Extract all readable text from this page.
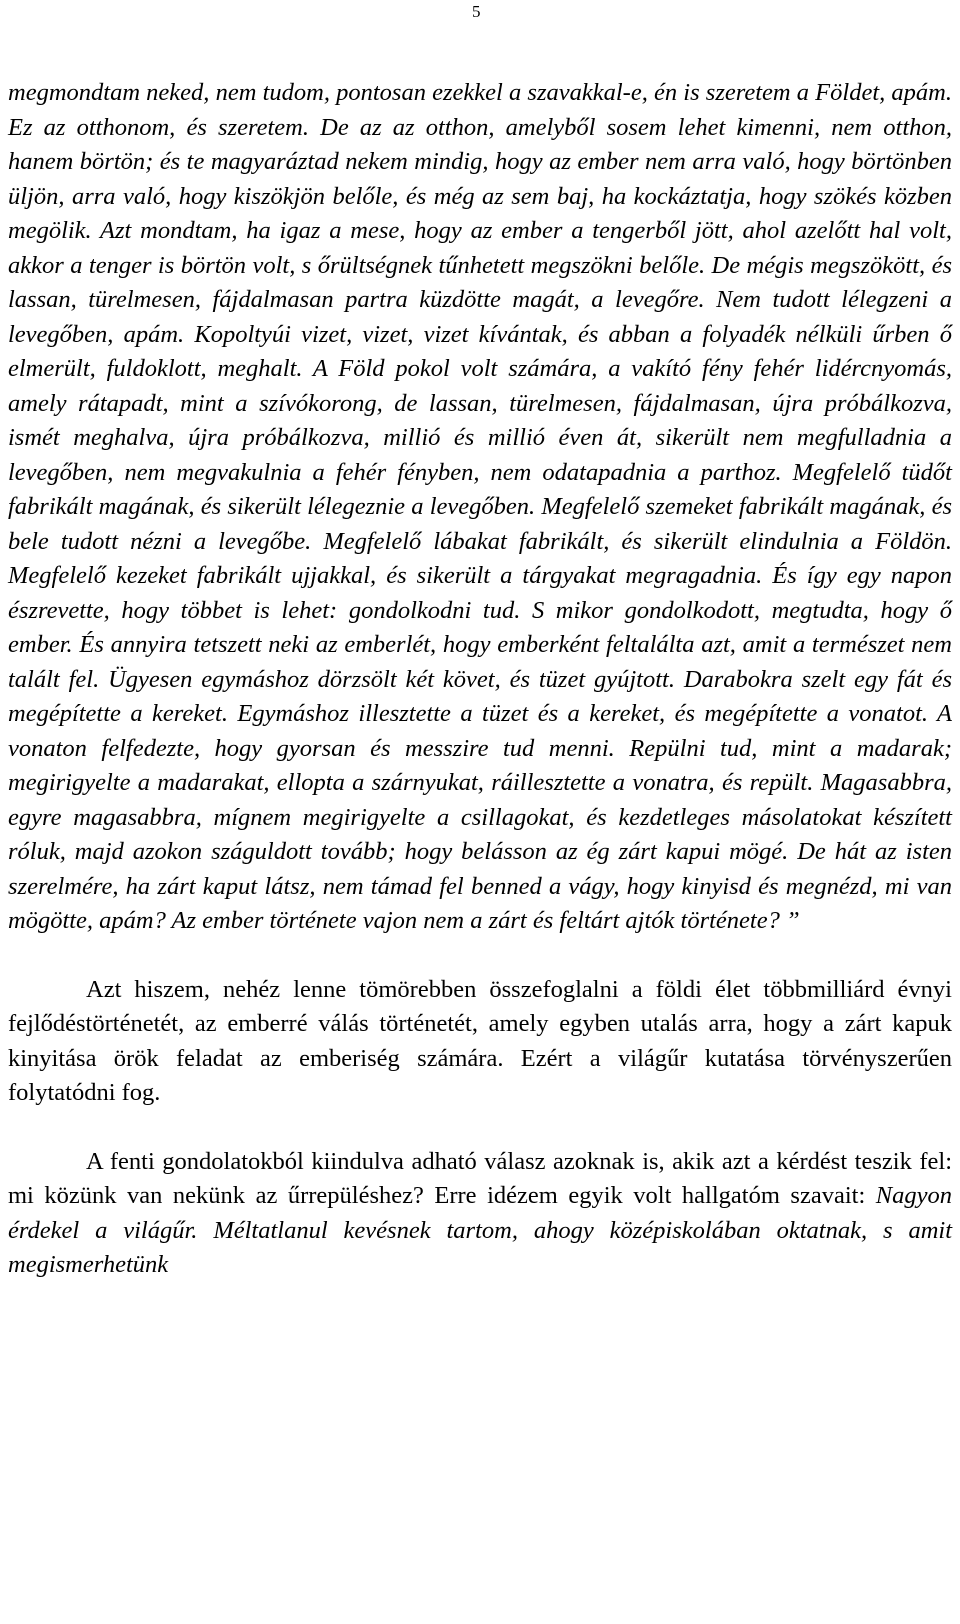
5

megmondtam neked, nem tudom, pontosan ezekkel a szavakkal-e, én is szeretem a Földet, apám. Ez az otthonom, és szeretem. De az az otthon, amelyből sosem lehet kimenni, nem otthon, hanem börtön; és te magyaráztad nekem mindig, hogy az ember nem arra való, hogy börtönben üljön, arra való, hogy kiszökjön belőle, és még az sem baj, ha kockáztatja, hogy szökés közben megölik. Azt mondtam, ha igaz a mese, hogy az ember a tengerből jött, ahol azelőtt hal volt, akkor a tenger is börtön volt, s őrültségnek tűnhetett megszökni belőle. De mégis megszökött, és lassan, türelmesen, fájdalmasan partra küzdötte magát, a levegőre. Nem tudott lélegzeni a levegőben, apám. Kopoltyúi vizet, vizet, vizet kívántak, és abban a folyadék nélküli űrben ő elmerült, fuldoklott, meghalt. A Föld pokol volt számára, a vakító fény fehér lidércnyomás, amely rátapadt, mint a szívókorong, de lassan, türelmesen, fájdalmasan, újra próbálkozva, ismét meghalva, újra próbálkozva, millió és millió éven át, sikerült nem megfulladnia a levegőben, nem megvakulnia a fehér fényben, nem odatapadnia a parthoz. Megfelelő tüdőt fabrikált magának, és sikerült lélegeznie a levegőben. Megfelelő szemeket fabrikált magának, és bele tudott nézni a levegőbe. Megfelelő lábakat fabrikált, és sikerült elindulnia a Földön. Megfelelő kezeket fabrikált ujjakkal, és sikerült a tárgyakat megragadnia. És így egy napon észrevette, hogy többet is lehet: gondolkodni tud. S mikor gondolkodott, megtudta, hogy ő ember. És annyira tetszett neki az emberlét, hogy emberként feltalálta azt, amit a természet nem talált fel. Ügyesen egymáshoz dörzsölt két követ, és tüzet gyújtott. Darabokra szelt egy fát és megépítette a kereket. Egymáshoz illesztette a tüzet és a kereket, és megépítette a vonatot. A vonaton felfedezte, hogy gyorsan és messzire tud menni. Repülni tud, mint a madarak; megirigyelte a madarakat, ellopta a szárnyukat, ráillesztette a vonatra, és repült. Magasabbra, egyre magasabbra, mígnem megirigyelte a csillagokat, és kezdetleges másolatokat készített róluk, majd azokon száguldott tovább; hogy belásson az ég zárt kapui mögé. De hát az isten szerelmére, ha zárt kaput látsz, nem támad fel benned a vágy, hogy kinyisd és megnézd, mi van mögötte, apám? Az ember története vajon nem a zárt és feltárt ajtók története? ”

Azt hiszem, nehéz lenne tömörebben összefoglalni a földi élet többmilliárd évnyi fejlődéstörténetét, az emberré válás történetét, amely egyben utalás arra, hogy a zárt kapuk kinyitása örök feladat az emberiség számára. Ezért a világűr kutatása törvényszerűen folytatódni fog.

A fenti gondolatokból kiindulva adható válasz azoknak is, akik azt a kérdést teszik fel: mi közünk van nekünk az űrrepüléshez? Erre idézem egyik volt hallgatóm szavait: Nagyon érdekel a világűr. Méltatlanul kevésnek tartom, ahogy középiskolában oktatnak, s amit megismerhetünk
